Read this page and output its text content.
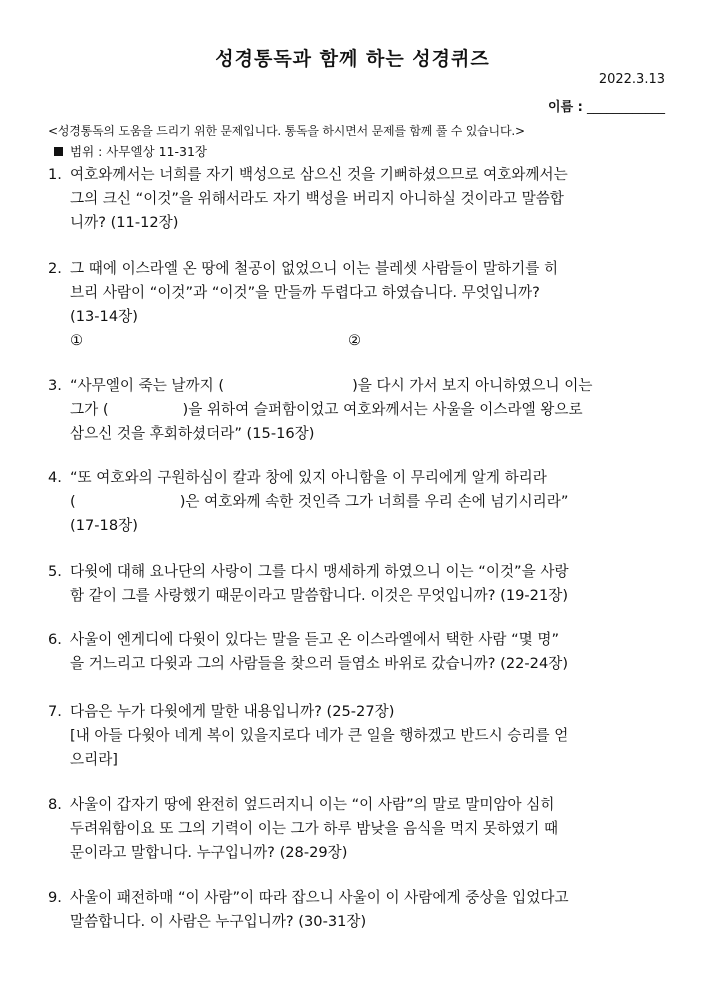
성경통독과 함께 하는 성경퀴즈
2022.3.13
이름 : ____________
<성경통독의 도움을 드리기 위한 문제입니다. 통독을 하시면서 문제를 함께 풀 수 있습니다.>
범위 : 사무엘상 11-31장
1. 여호와께서는 너희를 자기 백성으로 삼으신 것을 기뻐하셨으므로 여호와께서는
그의 크신 “이것”을 위해서라도 자기 백성을 버리지 아니하실 것이라고 말씀합
니까? (11-12장)
2. 그 때에 이스라엘 온 땅에 철공이 없었으니 이는 블레셋 사람들이 말하기를 히
브리 사람이 “이것”과 “이것”을 만들까 두렵다고 하였습니다. 무엇입니까?
(13-14장)
①	②
3. “사무엘이 죽는 날까지 (	)을 다시 가서 보지 아니하였으니 이는
그가 (	)을 위하여 슬퍼함이었고 여호와께서는 사울을 이스라엘 왕으로
삼으신 것을 후회하셨더라” (15-16장)
4. “또 여호와의 구원하심이 칼과 창에 있지 아니함을 이 무리에게 알게 하리라
(	)은 여호와께 속한 것인즉 그가 너희를 우리 손에 넘기시리라”
(17-18장)
5. 다윗에 대해 요나단의 사랑이 그를 다시 맹세하게 하였으니 이는 “이것”을 사랑
함 같이 그를 사랑했기 때문이라고 말씀합니다. 이것은 무엇입니까? (19-21장)
6. 사울이 엔게디에 다윗이 있다는 말을 듣고 온 이스라엘에서 택한 사람 “몇 명”
을 거느리고 다윗과 그의 사람들을 찾으러 들염소 바위로 갔습니까? (22-24장)
7. 다음은 누가 다윗에게 말한 내용입니까? (25-27장)
[내 아들 다윗아 네게 복이 있을지로다 네가 큰 일을 행하겠고 반드시 승리를 얻
으리라]
8. 사울이 갑자기 땅에 완전히 엎드러지니 이는 “이 사람”의 말로 말미암아 심히
두려워함이요 또 그의 기력이 이는 그가 하루 밤낮을 음식을 먹지 못하였기 때
문이라고 말합니다. 누구입니까? (28-29장)
9. 사울이 패전하매 “이 사람”이 따라 잡으니 사울이 이 사람에게 중상을 입었다고
말씀합니다. 이 사람은 누구입니까? (30-31장)
